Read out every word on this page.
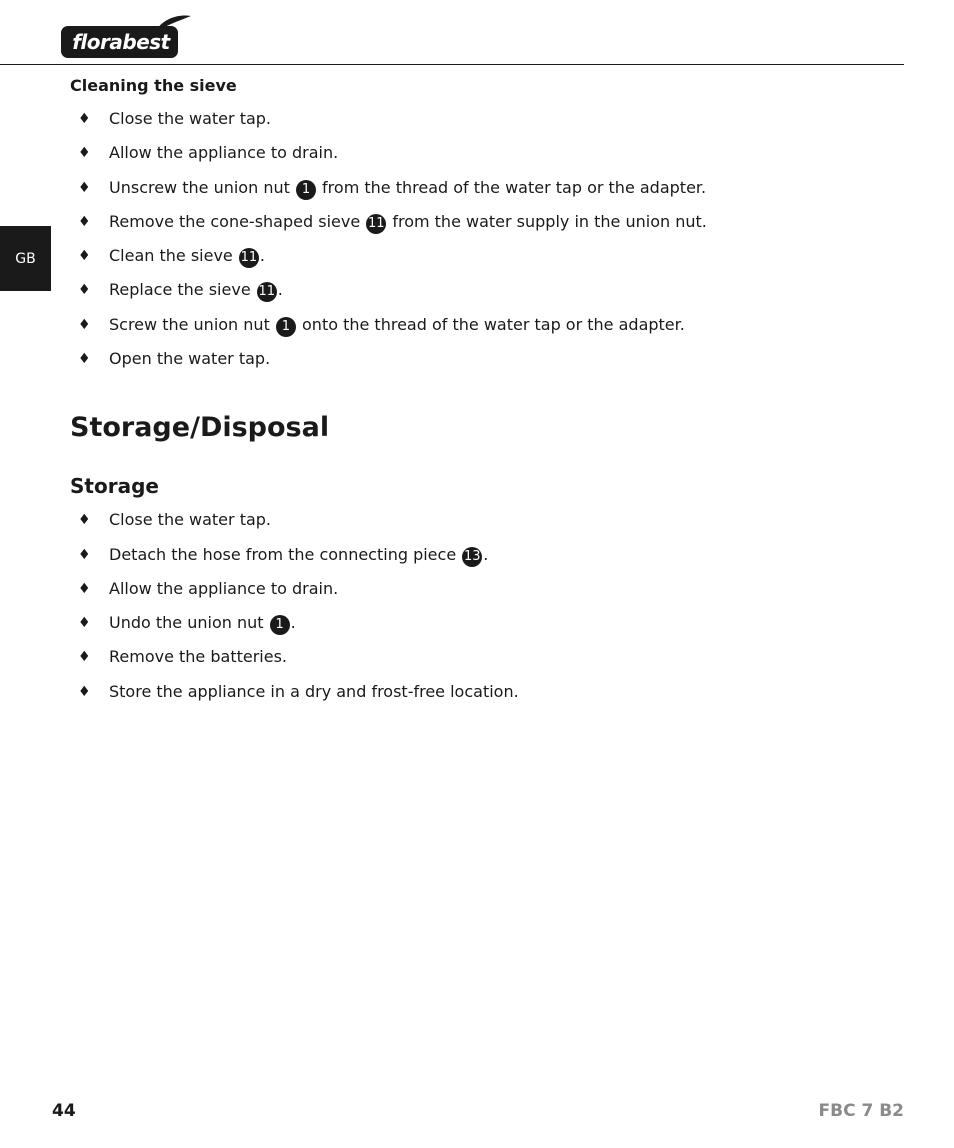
florabest
GB
Cleaning the sieve
♦ Close the water tap.
♦ Allow the appliance to drain.
♦ Unscrew the union nut 1 from the thread of the water tap or the adapter.
♦ Remove the cone-shaped sieve 11 from the water supply in the union nut.
♦ Clean the sieve 11 .
♦ Replace the sieve 11 .
♦ Screw the union nut 1 onto the thread of the water tap or the adapter.
♦ Open the water tap.
Storage/Disposal
Storage
♦ Close the water tap.
♦ Detach the hose from the connecting piece 13 .
♦ Allow the appliance to drain.
♦ Undo the union nut 1 .
♦ Remove the batteries.
♦ Store the appliance in a dry and frost-free location.
44	FBC 7 B2
